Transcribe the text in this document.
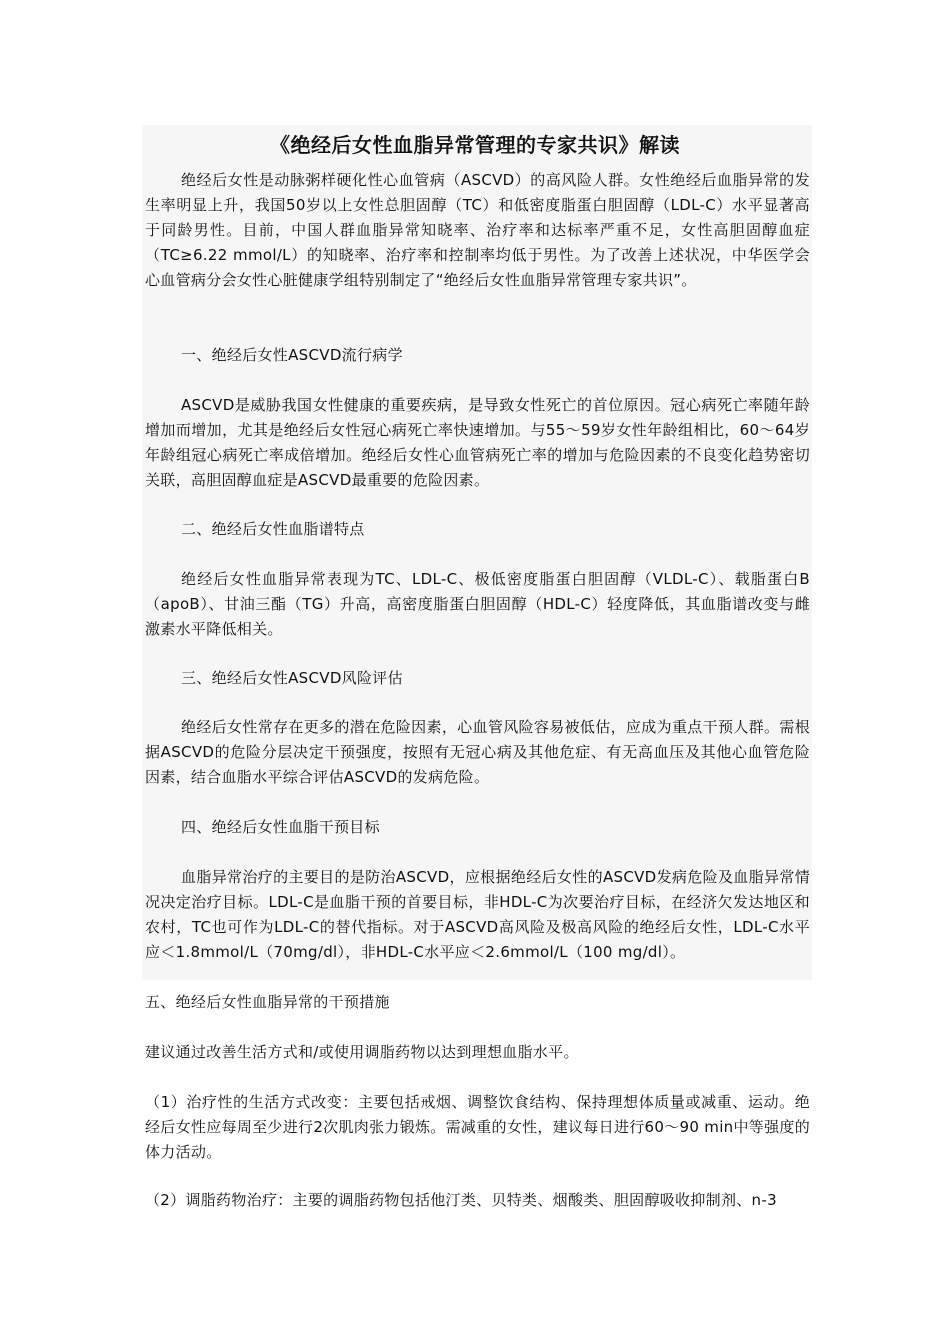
《绝经后女性血脂异常管理的专家共识》解读

绝经后女性是动脉粥样硬化性心血管病（ASCVD）的高风险人群。女性绝经后血脂异常的发生率明显上升，我国50岁以上女性总胆固醇（TC）和低密度脂蛋白胆固醇（LDL-C）水平显著高于同龄男性。目前，中国人群血脂异常知晓率、治疗率和达标率严重不足，女性高胆固醇血症（TC≥6.22 mmol/L）的知晓率、治疗率和控制率均低于男性。为了改善上述状况，中华医学会心血管病分会女性心脏健康学组特别制定了“绝经后女性血脂异常管理专家共识”。

一、绝经后女性ASCVD流行病学

ASCVD是威胁我国女性健康的重要疾病，是导致女性死亡的首位原因。冠心病死亡率随年龄增加而增加，尤其是绝经后女性冠心病死亡率快速增加。与55～59岁女性年龄组相比，60～64岁年龄组冠心病死亡率成倍增加。绝经后女性心血管病死亡率的增加与危险因素的不良变化趋势密切关联，高胆固醇血症是ASCVD最重要的危险因素。

二、绝经后女性血脂谱特点

绝经后女性血脂异常表现为TC、LDL-C、极低密度脂蛋白胆固醇（VLDL-C）、载脂蛋白B（apoB）、甘油三酯（TG）升高，高密度脂蛋白胆固醇（HDL-C）轻度降低，其血脂谱改变与雌激素水平降低相关。

三、绝经后女性ASCVD风险评估

绝经后女性常存在更多的潜在危险因素，心血管风险容易被低估，应成为重点干预人群。需根据ASCVD的危险分层决定干预强度，按照有无冠心病及其他危症、有无高血压及其他心血管危险因素，结合血脂水平综合评估ASCVD的发病危险。

四、绝经后女性血脂干预目标

血脂异常治疗的主要目的是防治ASCVD，应根据绝经后女性的ASCVD发病危险及血脂异常情况决定治疗目标。LDL-C是血脂干预的首要目标，非HDL-C为次要治疗目标，在经济欠发达地区和农村，TC也可作为LDL-C的替代指标。对于ASCVD高风险及极高风险的绝经后女性，LDL-C水平应＜1.8mmol/L（70mg/dl），非HDL-C水平应＜2.6mmol/L（100 mg/dl）。

五、绝经后女性血脂异常的干预措施

建议通过改善生活方式和/或使用调脂药物以达到理想血脂水平。

（1）治疗性的生活方式改变：主要包括戒烟、调整饮食结构、保持理想体质量或减重、运动。绝经后女性应每周至少进行2次肌肉张力锻炼。需减重的女性，建议每日进行60～90 min中等强度的体力活动。

（2）调脂药物治疗：主要的调脂药物包括他汀类、贝特类、烟酸类、胆固醇吸收抑制剂、n-3
